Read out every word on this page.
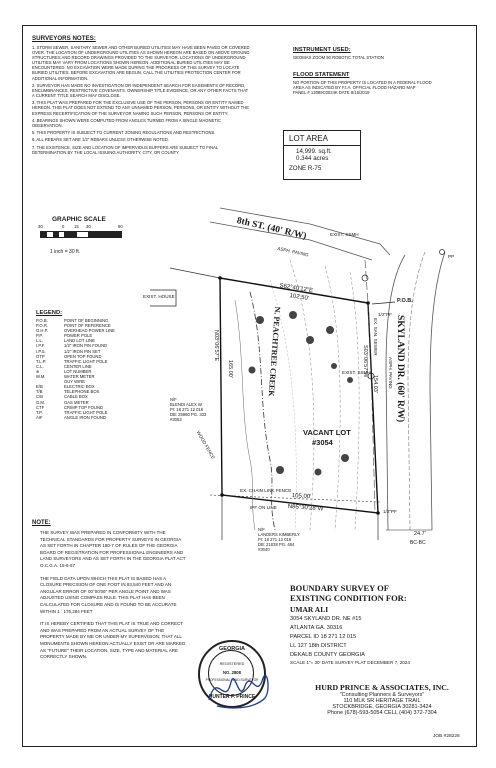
SURVEYORS NOTES:
1. STORM SEWER, SANITARY SEWER AND OTHER BURIED UTILITIES MAY HAVE BEEN PAVED OR COVERED OVER. THE LOCATION OF UNDERGROUND UTILITIES AS SHOWN HEREON ARE BASED ON ABOVE GROUND STRUCTURES AND RECORD DRAWINGS PROVIDED TO THE SURVEYOR. LOCATIONS OF UNDERGROUND UTILITIES MAY VARY FROM LOCATIONS SHOWN HEREON. ADDITIONAL BURIED UTILITIES MAY BE ENCOUNTERED. NO EXCAVATION WERE MADE DURING THE PROGRESS OF THIS SURVEY TO LOCATE BURIED UTILITIES. BEFORE EXCAVATION ARE BEGUN, CALL THE UTILITIES PROTECTION CENTER FOR ADDITIONAL INFORMATION.
2. SURVEYOR HAS MADE NO INVESTIGATION OR INDEPENDENT SEARCH FOR EASEMENTS OF RECORD, ENCUMBRANCES, RESTRICTIVE COVENANTS, OWNERSHIP TITLE EVIDENCE, OR ANY OTHER FACTS THAT A CURRENT TITLE SEARCH MAY DISCLOSE.
3. THIS PLAT WAS PREPARED FOR THE EXCLUSIVE USE OF THE PERSON, PERSONS OR ENTITY NAMED HEREON. THIS PLAT DOES NOT EXTEND TO ANY UNNAMED PERSON, PERSONS, OR ENTITY WITHOUT THE EXPRESS RECERTIFICATION OF THE SURVEYOR NAMING SUCH PERSON, PERSONS OR ENTITY.
4. BEARINGS SHOWN WERE COMPUTED FROM ANGLES TURNED FROM A SINGLE MAGNETIC OBSERVATION.
5. THIS PROPERTY IS SUBJECT TO CURRENT ZONING REGULATIONS AND RESTRICTIONS.
6. ALL REBARS SET ARE 1/2" REBARS UNLESS OTHERWISE NOTED.
7. THE EXISTENCE, SIZE AND LOCATION OF IMPERVIOUS BUFFERS ARE SUBJECT TO FINAL DETERMINATION BY THE LOCAL ISSUING AUTHORITY, CITY, OR COUNTY.
INSTRUMENT USED:
GEOMAX ZOOM 90 ROBOTIC TOTAL STATION
FLOOD STATEMENT
NO PORTION OF THIS PROPERTY IS LOCATED IN A FEDERAL FLOOD
AREA AS INDICATED BY F.I.A. OFFICIAL FLOOD HAZARD MAP
PANEL # 13089C0024K DATE 8/15/2019
LOT AREA
14,999. sq.ft.
0.344 acres
ZONE R-75
GRAPHIC SCALE
30	0 15 30	60
1 inch = 30 ft.
LEGEND:
P.O.B.	POINT OF BEGINNING
P.O.R.	POINT OF REFERENCE
O.H.P.	OVERHEAD POWER LINE
P.P.	POWER POLE
L.L.	LAND LOT LINE
I.P.F.	1/2" IRON PIN FOUND
I.P.S.	1/2" IRON PIN SET
OTP	OPEN TOP FOUND
T.L.P.	TRAFFIC LIGHT POLE
C.L.	CENTER LINE
⊕	LOT NUMBER
W.M.	WATER METER
GUY WIRE
E/B	ELECTRIC BOX
T/B	TELEPHONE BOX
C/B	CABLE BOX
G.M.	GAS METER
CTF	CRIMP TOP FOUND
T.P.	TRAFFIC LIGHT POLE
AIF	ANGLE IRON FOUND
8th ST. (40' R/W)
SKYLAND DR. (60' R/W)
N. PEACHTREE CREEK
VACANT LOT
#3054
S62°40'12"E
102.50'
N85°30'28"W
105.00'
N03°06'57"E
165.00'	S03°06'57"W
154.03'
P.O.B.
ASPH. PAVING
ASPH. PAVING
EXIST. SSMH
EXIST. SSMH
EXIST. HOUSE
EX. SAN. SEWER
EX. CHAIN LINK FENCE
IPF ON LINE
WOOD FENCE
1/2"PF
1/2"PF
PP
24.7'
BC-BC
N/F
BLENDI ALEX W
PI: 18 271 12 016
DB: 25980 PG. 333
#3053
N/F
LANDERS KIMBERLY
PI: 18 271 12 016
DB: 21838 PG. 484
#3040
NOTE:
THE SURVEY WAS PREPARED IN CONFORMITY WITH THE TECHNICAL STANDARDS FOR PROPERTY SURVEYS IN GEORGIA AS SET FORTH IN CHAPTER 180-7 OF RULES OF THE GEORGIA BOARD OF REGISTRATION FOR PROFESSIONAL ENGINEERS AND LAND SURVEYORS AND AS SET FORTH IN THE GEORGIA PLAT ACT O.C.G.A. 15-6-67
THE FIELD DATA UPON WHICH THIS PLAT IS BASED HAS A CLOSURE PRECISION OF ONE FOOT IN 93,540 FEET AND AN ANGULAR ERROR OF 00°00'06" PER ANGLE POINT AND WAS ADJUSTED USING COMPASS RULE. THIS PLAT HAS BEEN CALCULATED FOR CLOSURE AND IS FOUND TO BE ACCURATE WITHIN 1 : 176,284 FEET
IT IS HEREBY CERTIFIED THAT THIS PLAT IS TRUE AND CORRECT AND WAS PREPARED FROM AN ACTUAL SURVEY OF THE PROPERTY MADE BY ME OR UNDER MY SUPERVISION; THAT ALL MONUMENTS SHOWN HEREON ACTUALLY EXIST OR ARE MARKED AS "FUTURE" THEIR LOCATION, SIZE, TYPE AND MATERIAL ARE CORRECTLY SHOWN.
GEORGIA
REGISTERED
NO. 2808
PROFESSIONAL LAND SURVEYOR
HUNTER F. PRINCE
BOUNDARY SURVEY OF
EXISTING CONDITION FOR:
UMAR ALI
3054 SKYLAND DR. NE #15
ATLANTA GA. 30316
PARCEL ID 18 271 12 015
LL 127 18th DISTRICT
DEKALB COUNTY GEORGIA
SCALE 1"= 30' DATE SURVEY PLAT DECEMBER 7, 2024
HURD PRINCE & ASSOCIATES, INC.
"Consulting Planners & Surveyors"
110 MLK SR HERITAGE TRAIL
STOCKBRIDGE, GEORGIA 30281-3424
Phone (678)-593-5054 CELL (404) 372-7304
JOB #28228
